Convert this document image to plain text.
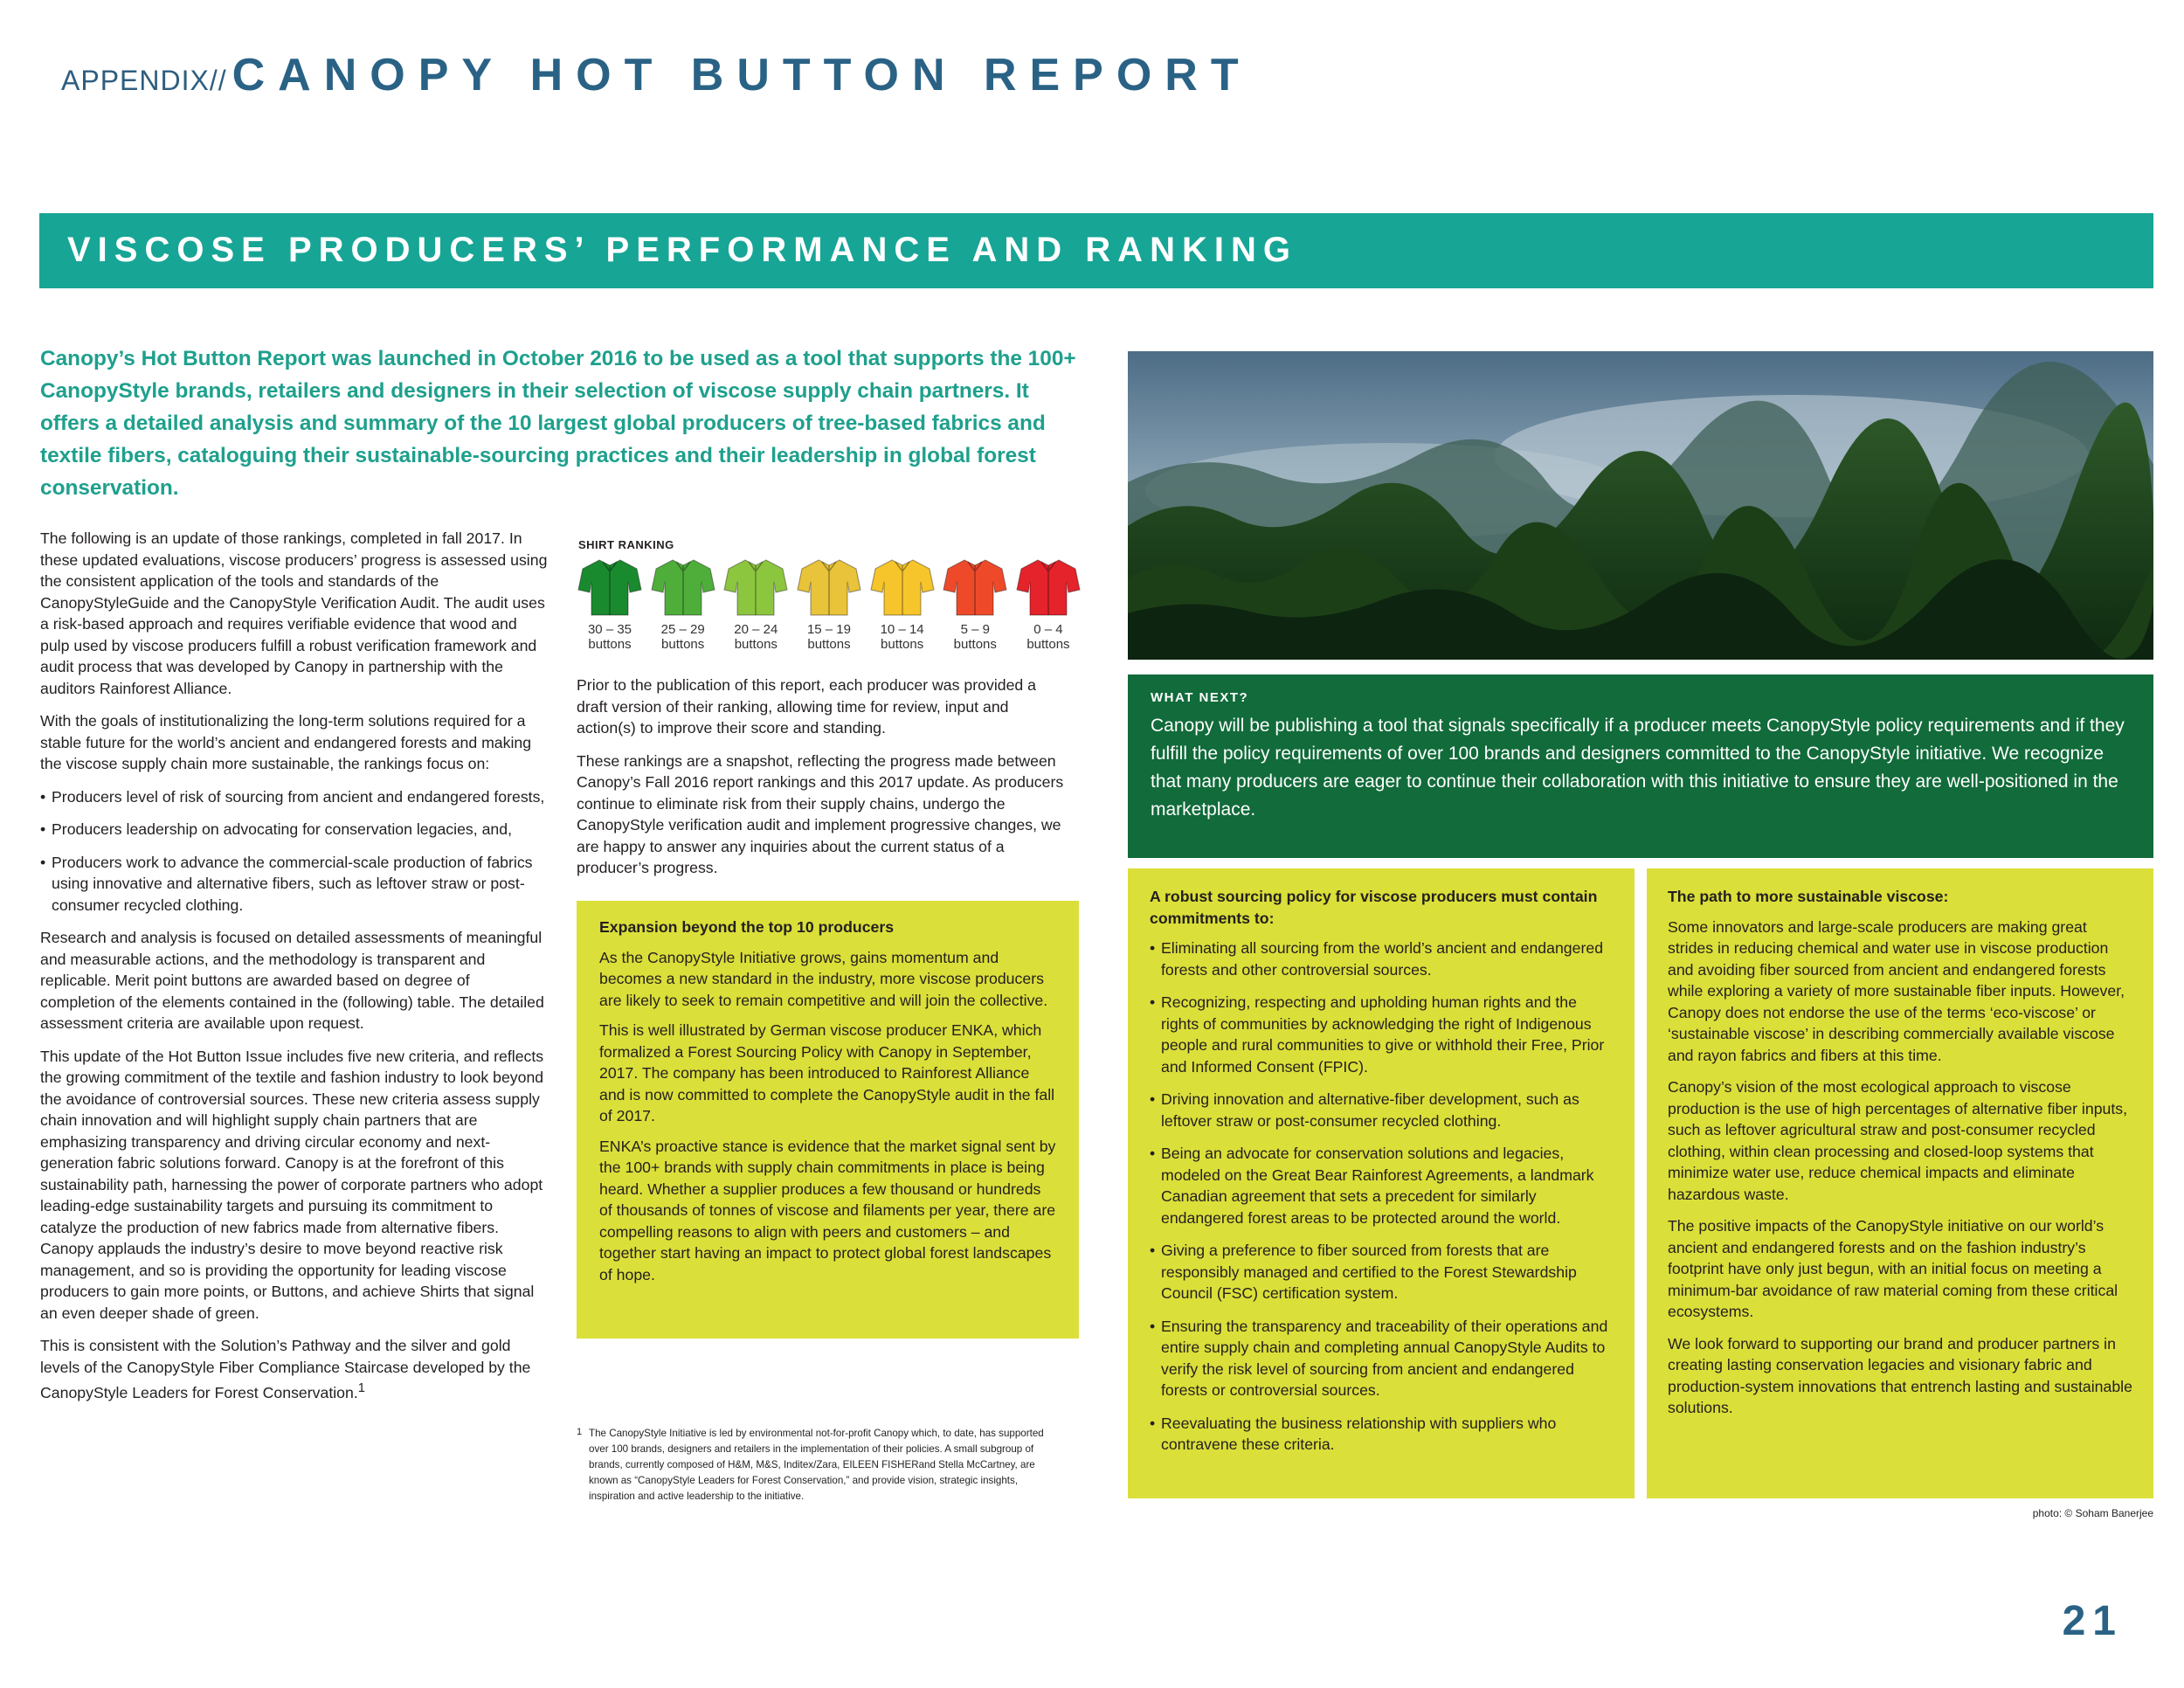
APPENDIX// CANOPY HOT BUTTON REPORT
VISCOSE PRODUCERS’ PERFORMANCE AND RANKING
Canopy’s Hot Button Report was launched in October 2016 to be used as a tool that supports the 100+ CanopyStyle brands, retailers and designers in their selection of viscose supply chain partners. It offers a detailed analysis and summary of the 10 largest global producers of tree-based fabrics and textile fibers, cataloguing their sustainable-sourcing practices and their leadership in global forest conservation.

The following is an update of those rankings, completed in fall 2017. In these updated evaluations, viscose producers’ progress is assessed using the consistent application of the tools and standards of the CanopyStyleGuide and the CanopyStyle Verification Audit. The audit uses a risk-based approach and requires verifiable evidence that wood and pulp used by viscose producers fulfill a robust verification framework and audit process that was developed by Canopy in partnership with the auditors Rainforest Alliance.

With the goals of institutionalizing the long-term solutions required for a stable future for the world’s ancient and endangered forests and making the viscose supply chain more sustainable, the rankings focus on:

• Producers level of risk of sourcing from ancient and endangered forests,
• Producers leadership on advocating for conservation legacies, and,
• Producers work to advance the commercial-scale production of fabrics using innovative and alternative fibers, such as leftover straw or post-consumer recycled clothing.

Research and analysis is focused on detailed assessments of meaningful and measurable actions, and the methodology is transparent and replicable. Merit point buttons are awarded based on degree of completion of the elements contained in the (following) table. The detailed assessment criteria are available upon request.

This update of the Hot Button Issue includes five new criteria, and reflects the growing commitment of the textile and fashion industry to look beyond the avoidance of controversial sources. These new criteria assess supply chain innovation and will highlight supply chain partners that are emphasizing transparency and driving circular economy and next-generation fabric solutions forward. Canopy is at the forefront of this sustainability path, harnessing the power of corporate partners who adopt leading-edge sustainability targets and pursuing its commitment to catalyze the production of new fabrics made from alternative fibers. Canopy applauds the industry’s desire to move beyond reactive risk management, and so is providing the opportunity for leading viscose producers to gain more points, or Buttons, and achieve Shirts that signal an even deeper shade of green.

This is consistent with the Solution’s Pathway and the silver and gold levels of the CanopyStyle Fiber Compliance Staircase developed by the CanopyStyle Leaders for Forest Conservation.$^1$

SHIRT RANKING
30 – 35
buttons
25 – 29
buttons
20 – 24
buttons
15 – 19
buttons
10 – 14
buttons
5 – 9
buttons
0 – 4
buttons

Prior to the publication of this report, each producer was provided a draft version of their ranking, allowing time for review, input and action(s) to improve their score and standing.

These rankings are a snapshot, reflecting the progress made between Canopy’s Fall 2016 report rankings and this 2017 update. As producers continue to eliminate risk from their supply chains, undergo the CanopyStyle verification audit and implement progressive changes, we are happy to answer any inquiries about the current status of a producer’s progress.

Expansion beyond the top 10 producers

As the CanopyStyle Initiative grows, gains momentum and becomes a new standard in the industry, more viscose producers are likely to seek to remain competitive and will join the collective.

This is well illustrated by German viscose producer ENKA, which formalized a Forest Sourcing Policy with Canopy in September, 2017. The company has been introduced to Rainforest Alliance and is now committed to complete the CanopyStyle audit in the fall of 2017.

ENKA’s proactive stance is evidence that the market signal sent by the 100+ brands with supply chain commitments in place is being heard. Whether a supplier produces a few thousand or hundreds of thousands of tonnes of viscose and filaments per year, there are compelling reasons to align with peers and customers – and together start having an impact to protect global forest landscapes of hope.

1 The CanopyStyle Initiative is led by environmental not-for-profit Canopy which, to date, has supported over 100 brands, designers and retailers in the implementation of their policies. A small subgroup of brands, currently composed of H&M, M&S, Inditex/Zara, EILEEN FISHERand Stella McCartney, are known as “CanopyStyle Leaders for Forest Conservation,” and provide vision, strategic insights, inspiration and active leadership to the initiative.
WHAT NEXT?

Canopy will be publishing a tool that signals specifically if a producer meets CanopyStyle policy requirements and if they fulfill the policy requirements of over 100 brands and designers committed to the CanopyStyle initiative. We recognize that many producers are eager to continue their collaboration with this initiative to ensure they are well-positioned in the marketplace.

A robust sourcing policy for viscose producers must contain commitments to:
• Eliminating all sourcing from the world’s ancient and endangered forests and other controversial sources.
• Recognizing, respecting and upholding human rights and the rights of communities by acknowledging the right of Indigenous people and rural communities to give or withhold their Free, Prior and Informed Consent (FPIC).
• Driving innovation and alternative-fiber development, such as leftover straw or post-consumer recycled clothing.
• Being an advocate for conservation solutions and legacies, modeled on the Great Bear Rainforest Agreements, a landmark Canadian agreement that sets a precedent for similarly endangered forest areas to be protected around the world.
• Giving a preference to fiber sourced from forests that are responsibly managed and certified to the Forest Stewardship Council (FSC) certification system.
• Ensuring the transparency and traceability of their operations and entire supply chain and completing annual CanopyStyle Audits to verify the risk level of sourcing from ancient and endangered forests or controversial sources.
• Reevaluating the business relationship with suppliers who contravene these criteria.
The path to more sustainable viscose:

Some innovators and large-scale producers are making great strides in reducing chemical and water use in viscose production and avoiding fiber sourced from ancient and endangered forests while exploring a variety of more sustainable fiber inputs. However, Canopy does not endorse the use of the terms ‘eco-viscose’ or ‘sustainable viscose’ in describing commercially available viscose and rayon fabrics and fibers at this time.

Canopy’s vision of the most ecological approach to viscose production is the use of high percentages of alternative fiber inputs, such as leftover agricultural straw and post-consumer recycled clothing, within clean processing and closed-loop systems that minimize water use, reduce chemical impacts and eliminate hazardous waste.

The positive impacts of the CanopyStyle initiative on our world’s ancient and endangered forests and on the fashion industry’s footprint have only just begun, with an initial focus on meeting a minimum-bar avoidance of raw material coming from these critical ecosystems.

We look forward to supporting our brand and producer partners in creating lasting conservation legacies and visionary fabric and production-system innovations that entrench lasting and sustainable solutions.

photo: © Soham Banerjee
21
